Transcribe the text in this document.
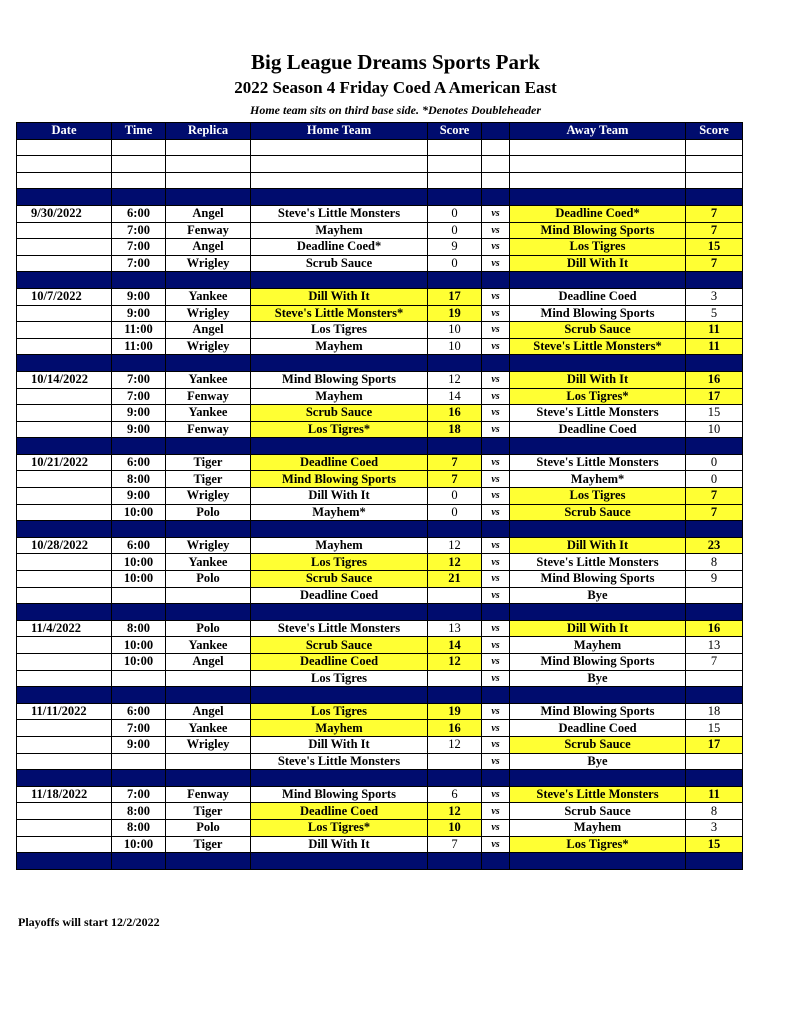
Big League Dreams Sports Park
2022 Season 4 Friday Coed A American East
Home team sits on third base side. *Denotes Doubleheader
Date	Time	Replica	Home Team	Score		Away Team	Score

9/30/2022	6:00	Angel	Steve's Little Monsters	0	vs	Deadline Coed*	7
	7:00	Fenway	Mayhem	0	vs	Mind Blowing Sports	7
	7:00	Angel	Deadline Coed*	9	vs	Los Tigres	15
	7:00	Wrigley	Scrub Sauce	0	vs	Dill With It	7

10/7/2022	9:00	Yankee	Dill With It	17	vs	Deadline Coed	3
	9:00	Wrigley	Steve's Little Monsters*	19	vs	Mind Blowing Sports	5
	11:00	Angel	Los Tigres	10	vs	Scrub Sauce	11
	11:00	Wrigley	Mayhem	10	vs	Steve's Little Monsters*	11

10/14/2022	7:00	Yankee	Mind Blowing Sports	12	vs	Dill With It	16
	7:00	Fenway	Mayhem	14	vs	Los Tigres*	17
	9:00	Yankee	Scrub Sauce	16	vs	Steve's Little Monsters	15
	9:00	Fenway	Los Tigres*	18	vs	Deadline Coed	10

10/21/2022	6:00	Tiger	Deadline Coed	7	vs	Steve's Little Monsters	0
	8:00	Tiger	Mind Blowing Sports	7	vs	Mayhem*	0
	9:00	Wrigley	Dill With It	0	vs	Los Tigres	7
	10:00	Polo	Mayhem*	0	vs	Scrub Sauce	7

10/28/2022	6:00	Wrigley	Mayhem	12	vs	Dill With It	23
	10:00	Yankee	Los Tigres	12	vs	Steve's Little Monsters	8
	10:00	Polo	Scrub Sauce	21	vs	Mind Blowing Sports	9
			Deadline Coed		vs	Bye	

11/4/2022	8:00	Polo	Steve's Little Monsters	13	vs	Dill With It	16
	10:00	Yankee	Scrub Sauce	14	vs	Mayhem	13
	10:00	Angel	Deadline Coed	12	vs	Mind Blowing Sports	7
			Los Tigres		vs	Bye	

11/11/2022	6:00	Angel	Los Tigres	19	vs	Mind Blowing Sports	18
	7:00	Yankee	Mayhem	16	vs	Deadline Coed	15
	9:00	Wrigley	Dill With It	12	vs	Scrub Sauce	17
			Steve's Little Monsters		vs	Bye	

11/18/2022	7:00	Fenway	Mind Blowing Sports	6	vs	Steve's Little Monsters	11
	8:00	Tiger	Deadline Coed	12	vs	Scrub Sauce	8
	8:00	Polo	Los Tigres*	10	vs	Mayhem	3
	10:00	Tiger	Dill With It	7	vs	Los Tigres*	15

Playoffs will start 12/2/2022
